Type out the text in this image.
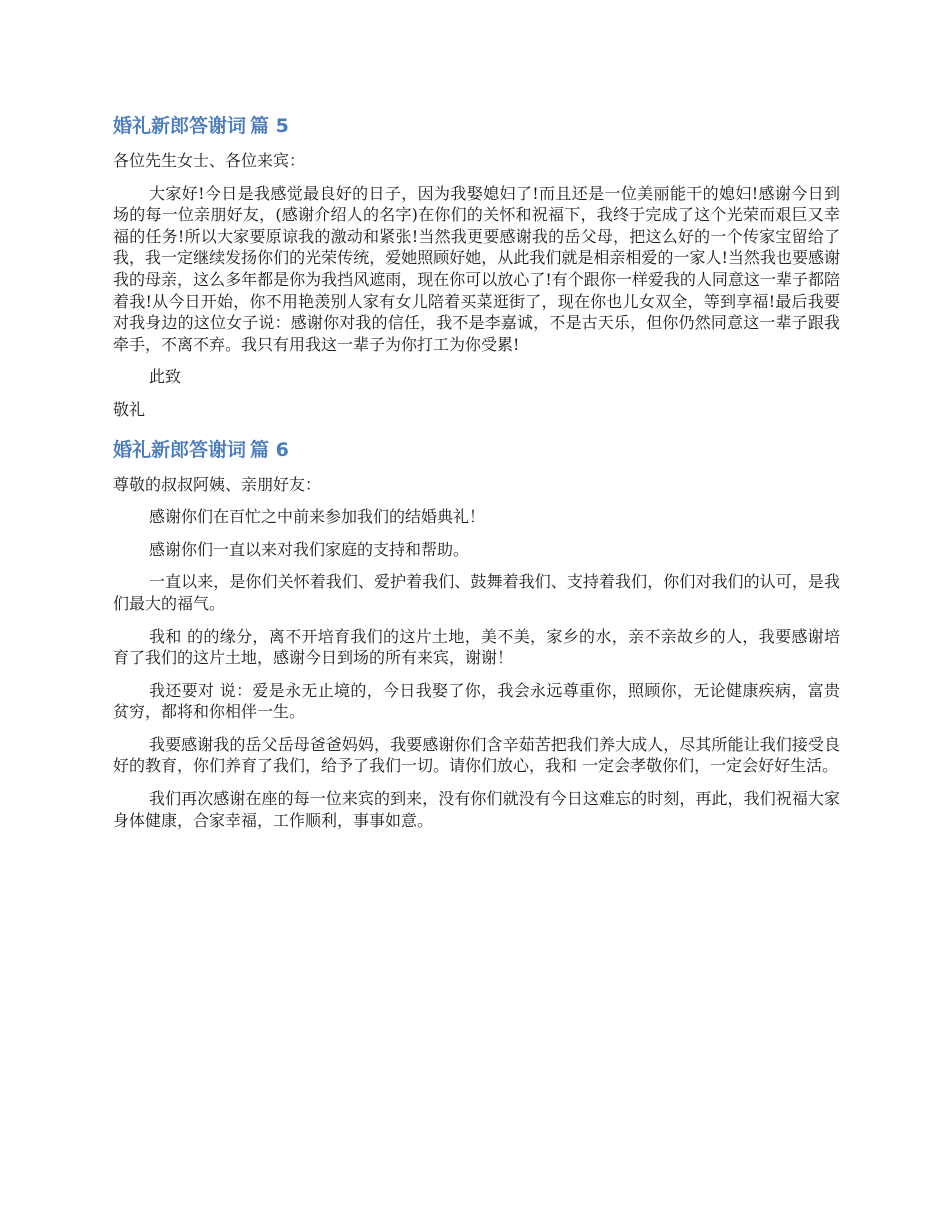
婚礼新郎答谢词 篇 5
各位先生女士、各位来宾：
大家好!今日是我感觉最良好的日子，因为我娶媳妇了!而且还是一位美丽能干的媳妇!感谢今日到场的每一位亲朋好友，(感谢介绍人的名字)在你们的关怀和祝福下，我终于完成了这个光荣而艰巨又幸福的任务!所以大家要原谅我的激动和紧张!当然我更要感谢我的岳父母，把这么好的一个传家宝留给了我，我一定继续发扬你们的光荣传统，爱她照顾好她，从此我们就是相亲相爱的一家人!当然我也要感谢我的母亲，这么多年都是你为我挡风遮雨，现在你可以放心了!有个跟你一样爱我的人同意这一辈子都陪着我!从今日开始，你不用艳羡别人家有女儿陪着买菜逛街了，现在你也儿女双全，等到享福!最后我要对我身边的这位女子说：感谢你对我的信任，我不是李嘉诚，不是古天乐，但你仍然同意这一辈子跟我牵手，不离不弃。我只有用我这一辈子为你打工为你受累!
此致
敬礼
婚礼新郎答谢词 篇 6
尊敬的叔叔阿姨、亲朋好友：
感谢你们在百忙之中前来参加我们的结婚典礼！
感谢你们一直以来对我们家庭的支持和帮助。
一直以来，是你们关怀着我们、爱护着我们、鼓舞着我们、支持着我们，你们对我们的认可，是我们最大的福气。
我和 的的缘分，离不开培育我们的这片土地，美不美，家乡的水，亲不亲故乡的人，我要感谢培育了我们的这片土地，感谢今日到场的所有来宾，谢谢！
我还要对 说：爱是永无止境的，今日我娶了你，我会永远尊重你，照顾你，无论健康疾病，富贵贫穷，都将和你相伴一生。
我要感谢我的岳父岳母爸爸妈妈，我要感谢你们含辛茹苦把我们养大成人，尽其所能让我们接受良好的教育，你们养育了我们，给予了我们一切。请你们放心，我和 一定会孝敬你们，一定会好好生活。
我们再次感谢在座的每一位来宾的到来，没有你们就没有今日这难忘的时刻，再此，我们祝福大家身体健康，合家幸福，工作顺利，事事如意。
